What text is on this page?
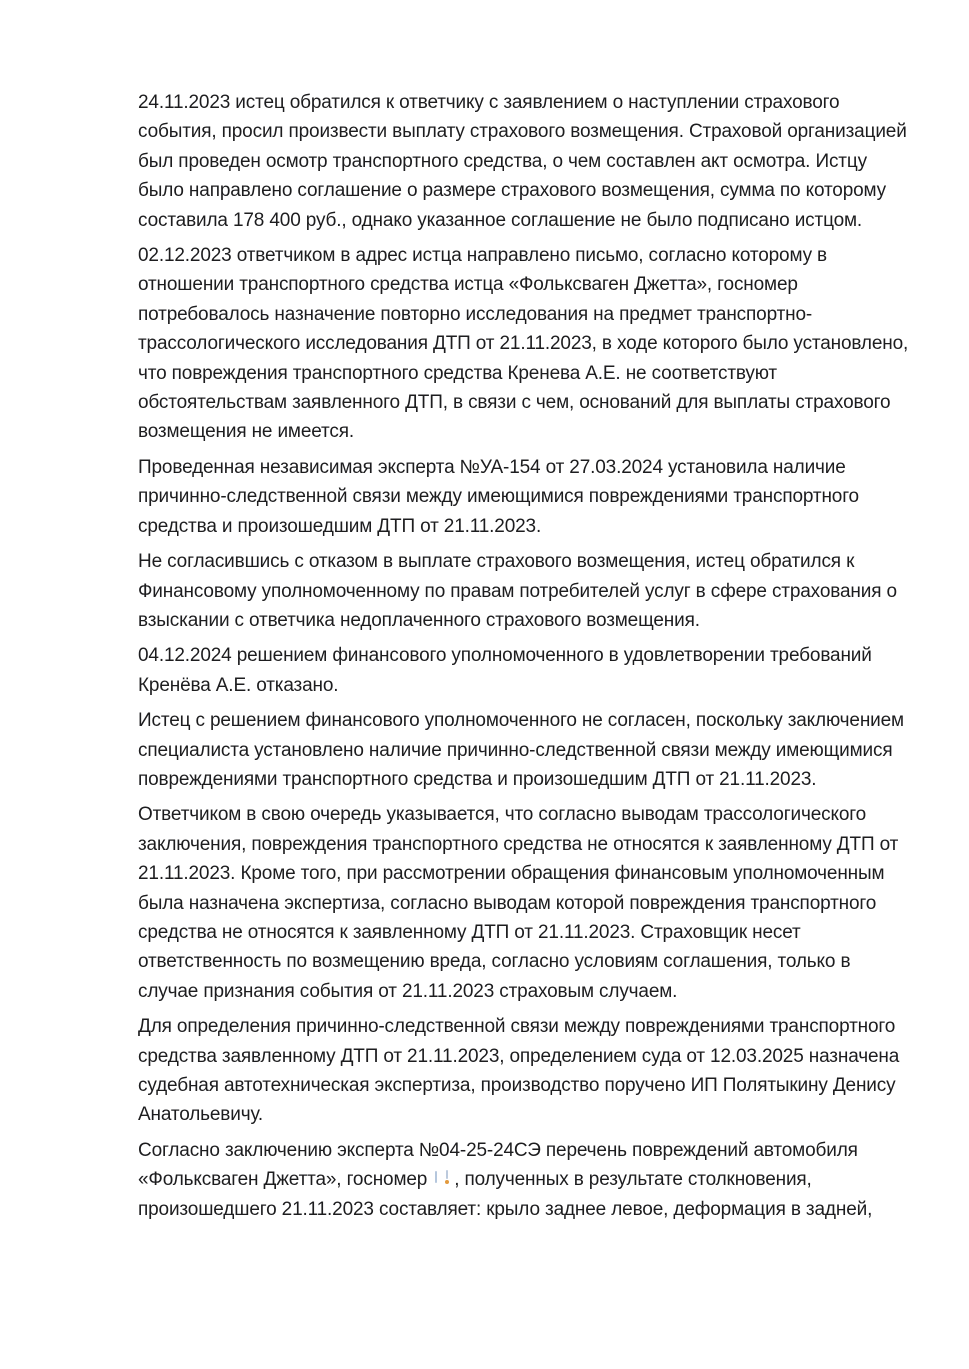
24.11.2023 истец обратился к ответчику с заявлением о наступлении страхового события, просил произвести выплату страхового возмещения. Страховой организацией был проведен осмотр транспортного средства, о чем составлен акт осмотра. Истцу было направлено соглашение о размере страхового возмещения, сумма по которому составила 178 400 руб., однако указанное соглашение не было подписано истцом.

02.12.2023 ответчиком в адрес истца направлено письмо, согласно которому в отношении транспортного средства истца «Фольксваген Джетта», госномер потребовалось назначение повторно исследования на предмет транспортно-трассологического исследования ДТП от 21.11.2023, в ходе которого было установлено, что повреждения транспортного средства Кренева А.Е. не соответствуют обстоятельствам заявленного ДТП, в связи с чем, оснований для выплаты страхового возмещения не имеется.

Проведенная независимая эксперта №УА-154 от 27.03.2024 установила наличие причинно-следственной связи между имеющимися повреждениями транспортного средства и произошедшим ДТП от 21.11.2023.

Не согласившись с отказом в выплате страхового возмещения, истец обратился к Финансовому уполномоченному по правам потребителей услуг в сфере страхования о взыскании с ответчика недоплаченного страхового возмещения.

04.12.2024 решением финансового уполномоченного в удовлетворении требований Кренёва А.Е. отказано.

Истец с решением финансового уполномоченного не согласен, поскольку заключением специалиста установлено наличие причинно-следственной связи между имеющимися повреждениями транспортного средства и произошедшим ДТП от 21.11.2023.

Ответчиком в свою очередь указывается, что согласно выводам трассологического заключения, повреждения транспортного средства не относятся к заявленному ДТП от 21.11.2023. Кроме того, при рассмотрении обращения финансовым уполномоченным была назначена экспертиза, согласно выводам которой повреждения транспортного средства не относятся к заявленному ДТП от 21.11.2023. Страховщик несет ответственность по возмещению вреда, согласно условиям соглашения, только в случае признания события от 21.11.2023 страховым случаем.

Для определения причинно-следственной связи между повреждениями транспортного средства заявленному ДТП от 21.11.2023, определением суда от 12.03.2025 назначена судебная автотехническая экспертиза, производство поручено ИП Полятыкину Денису Анатольевичу.

Согласно заключению эксперта №04-25-24СЭ перечень повреждений автомобиля «Фольксваген Джетта», госномер , полученных в результате столкновения, произошедшего 21.11.2023 составляет: крыло заднее левое, деформация в задней,
